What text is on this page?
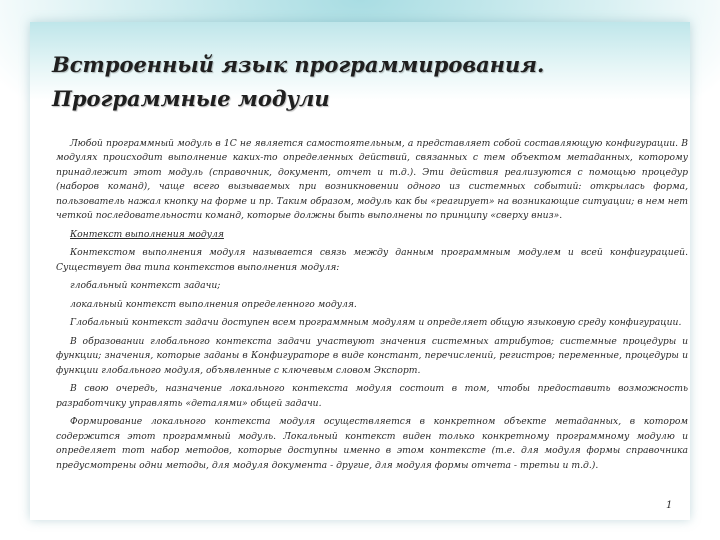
Встроенный язык программирования.
Программные модули

Любой программный модуль в 1С не является самостоятельным, а представляет собой составляющую конфигурации. В модулях происходит выполнение каких-то определенных действий, связанных с тем объектом метаданных, которому принадлежит этот модуль (справочник, документ, отчет и т.д.). Эти действия реализуются с помощью процедур (наборов команд), чаще всего вызываемых при возникновении одного из системных событий: открылась форма, пользователь нажал кнопку на форме и пр. Таким образом, модуль как бы «реагирует» на возникающие ситуации; в нем нет четкой последовательности команд, которые должны быть выполнены по принципу «сверху вниз».

Контекст выполнения модуля

Контекстом выполнения модуля называется связь между данным программным модулем и всей конфигурацией. Существует два типа контекстов выполнения модуля:

глобальный контекст задачи;

локальный контекст выполнения определенного модуля.

Глобальный контекст задачи доступен всем программным модулям и определяет общую языковую среду конфигурации.

В образовании глобального контекста задачи участвуют значения системных атрибутов; системные процедуры и функции; значения, которые заданы в Конфигураторе в виде констант, перечислений, регистров; переменные, процедуры и функции глобального модуля, объявленные с ключевым словом Экспорт.

В свою очередь, назначение локального контекста модуля состоит в том, чтобы предоставить возможность разработчику управлять «деталями» общей задачи.

Формирование локального контекста модуля осуществляется в конкретном объекте метаданных, в котором содержится этот программный модуль. Локальный контекст виден только конкретному программному модулю и определяет тот набор методов, которые доступны именно в этом контексте (т.е. для модуля формы справочника предусмотрены одни методы, для модуля документа - другие, для модуля формы отчета - третьи и т.д.).

1
